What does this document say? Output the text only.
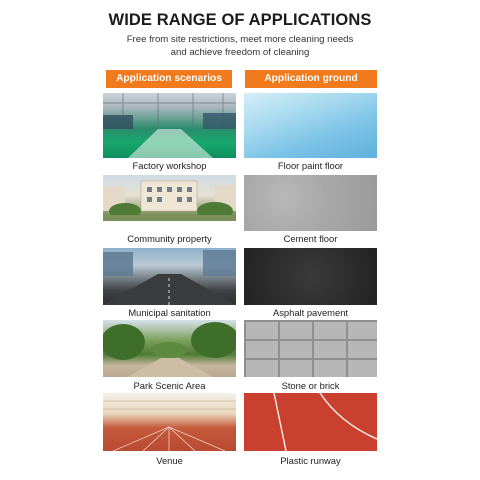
WIDE RANGE OF APPLICATIONS
Free from site restrictions, meet more cleaning needs
and achieve freedom of cleaning
Application scenarios	Application ground
Factory workshop	Floor paint floor
Community property	Cement floor
Municipal sanitation	Asphalt pavement
Park Scenic Area	Stone or brick
Venue	Plastic runway
